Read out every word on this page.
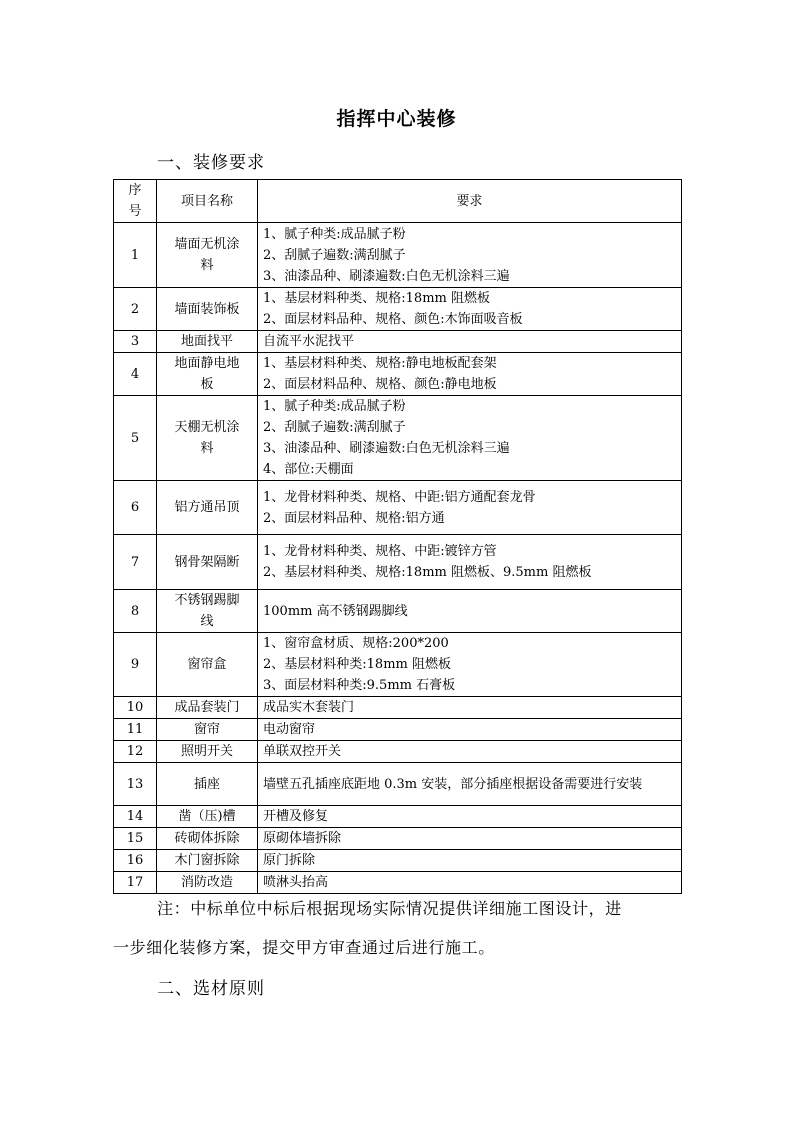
指挥中心装修
一、装修要求
序号	项目名称	要求
1	墙面无机涂料	1、腻子种类:成品腻子粉
2、刮腻子遍数:满刮腻子
3、油漆品种、刷漆遍数:白色无机涂料三遍

2	墙面装饰板	1、基层材料种类、规格:18mm 阻燃板
2、面层材料品种、规格、颜色:木饰面吸音板

3	地面找平	自流平水泥找平

4	地面静电地板	1、基层材料种类、规格:静电地板配套架
2、面层材料品种、规格、颜色:静电地板

5	天棚无机涂料	1、腻子种类:成品腻子粉
2、刮腻子遍数:满刮腻子
3、油漆品种、刷漆遍数:白色无机涂料三遍
4、部位:天棚面

6	铝方通吊顶	1、龙骨材料种类、规格、中距:铝方通配套龙骨
2、面层材料品种、规格:铝方通

7	钢骨架隔断	1、龙骨材料种类、规格、中距:镀锌方管
2、基层材料种类、规格:18mm 阻燃板、9.5mm 阻燃板

8	不锈钢踢脚线	100mm 高不锈钢踢脚线

9	窗帘盒	1、窗帘盒材质、规格:200*200
2、基层材料种类:18mm 阻燃板
3、面层材料种类:9.5mm 石膏板

10	成品套装门	成品实木套装门

11	窗帘	电动窗帘

12	照明开关	单联双控开关

13	插座	墙壁五孔插座底距地 0.3m 安装，部分插座根据设备需要进行安装

14	凿（压)槽	开槽及修复

15	砖砌体拆除	原砌体墙拆除

16	木门窗拆除	原门拆除

17	消防改造	喷淋头抬高
注：中标单位中标后根据现场实际情况提供详细施工图设计，进
一步细化装修方案，提交甲方审查通过后进行施工。
二、选材原则
